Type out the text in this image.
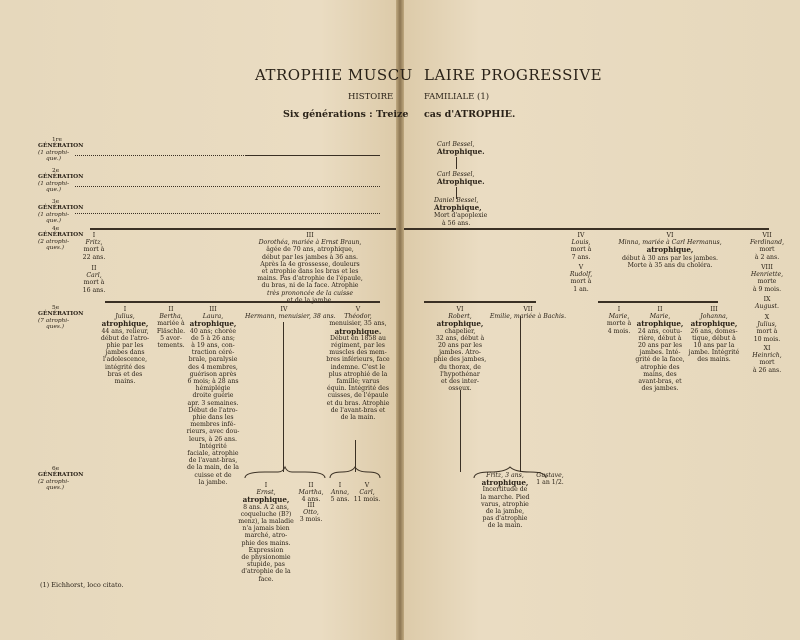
ATROPHIE MUSCU LAIRE PROGRESSIVE
HISTOIRE	FAMILIALE (1)
Six générations : Treize cas d'ATROPHIE.
1re
GÉNÉRATION
(1 atrophi-
que.)
2e
GÉNÉRATION
(1 atrophi-
que.)
3e
GÉNÉRATION
(1 atrophi-
que.)
4e
GÉNÉRATION
(2 atrophi-
ques.)
5e
GÉNÉRATION
(7 atrophi-
ques.)
6e
GÉNÉRATION
(2 atrophi-
ques.)
Carl Bessel,
Atrophique.
Carl Bessel,
Atrophique.
Daniel Bessel,
Atrophique,
Mort d'apoplexie
à 56 ans.
I
Fritz,
mort à
22 ans.
II
Carl,
mort à
16 ans.
III
Dorothéa, mariée à Ernst Braun,
âgée de 70 ans, atrophique,
début par les jambes à 36 ans.
Après la 4e grossesse, douleurs
et atrophie dans les bras et les
mains. Pas d'atrophie de l'épaule,
du bras, ni de la face. Atrophie
très prononcée de la cuisse
et de la jambe.
IV
Louis,
mort à
7 ans.
V
Rudolf,
mort à
1 an.
VI
Minna, mariée à Carl Hermanus,
atrophique,
début à 30 ans par les jambes.
Morte à 35 ans du choléra.
VII
Ferdinand,
mort
à 2 ans.
VIII
Henriette,
morte
à 9 mois.
IX
August.
X
Julius,
mort à
10 mois.
XI
Heinrich,
mort
à 26 ans.
I
Julius,
atrophique,
44 ans, relieur,
début de l'atro-
phie par les
jambes dans
l'adolescence,
intégrité des
bras et des
mains.
II
Bertha,
mariée à
Fläschle.
5 avor-
tements.
III
Laura,
atrophique,
40 ans; chorée
de 5 à 26 ans;
à 19 ans, con-
traction céré-
brale, paralysie
des 4 membres,
guérison après
6 mois; à 28 ans
hémiplégie
droite guérie
apr. 3 semaines.
Début de l'atro-
phie dans les
membres infé-
rieurs, avec dou-
leurs, à 26 ans.
Intégrité
faciale, atrophie
de l'avant-bras,
de la main, de la
cuisse et de
la jambe.
IV
Hermann, menuisier, 38 ans.
V
Théodor,
menuisier, 35 ans,
atrophique.
Début en 1858 au
régiment, par les
muscles des mem-
bres inférieurs, face
indemne. C'est le
plus atrophié de la
famille; varus
équin. Intégrité des
cuisses, de l'épaule
et du bras. Atrophie
de l'avant-bras et
de la main.
VI
Robert,
atrophique,
chapelier,
32 ans, début à
20 ans par les
jambes. Atro-
phie des jambes,
du thorax, de
l'hypothénar
et des inter-
osseux.
VII
Emilie, mariée à Bachis.
I
Marie,
morte à
4 mois.
II
Marie,
atrophique,
24 ans, coutu-
rière, début à
20 ans par les
jambes. Inté-
grité de la face,
atrophie des
mains, des
avant-bras, et
des jambes.
III
Johanna,
atrophique,
26 ans, domes-
tique, début à
10 ans par la
jambe. Intégrité
des mains.
I
Ernst,
atrophique,
8 ans. A 2 ans,
coqueluche (B?)
menz), la maladie
n'a jamais bien
marché, atro-
phie des mains.
Expression
de physionomie
stupide, pas
d'atrophie de la
face.
II
Martha,
4 ans.
III
Otto,
3 mois.
I
Anna,
5 ans.
V
Carl,
11 mois.
Fritz, 3 ans,
atrophique,
Incertitude de
la marche. Pied
varus, atrophie
de la jambe,
pas d'atrophie
de la main.
Gustave,
1 an 1/2.
(1) Eichhorst, loco citato.
